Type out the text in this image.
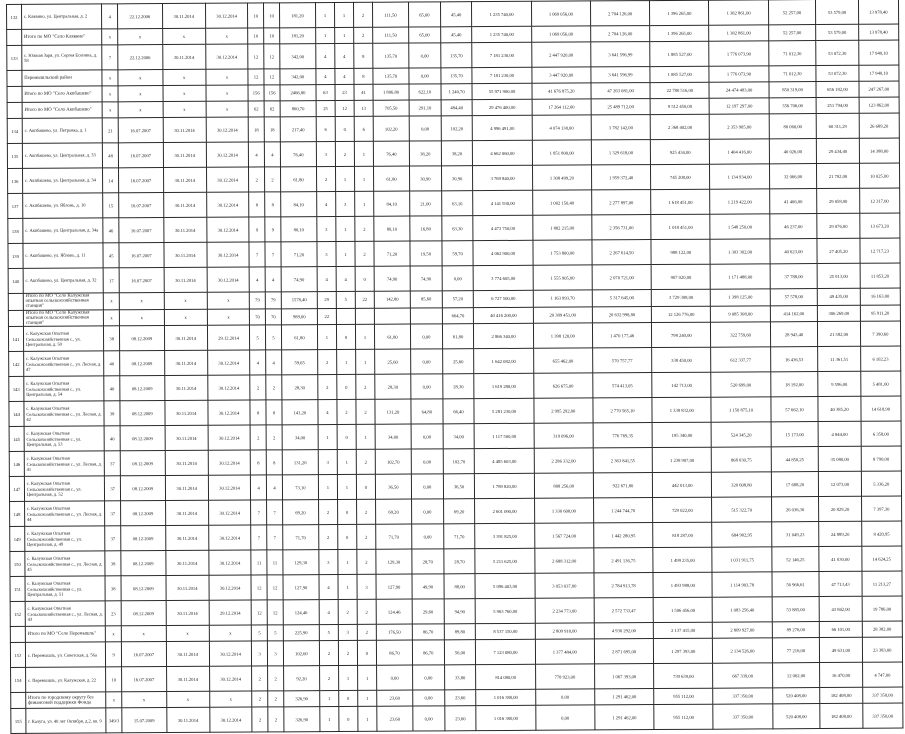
132	с. Клявино, ул. Центральная, д. 2	4	22.12.2006	30.11.2014	30.12.2014	10	10	181,20	1	1	2	111,50	65,00	45,40	1 235 740,00	1 069 056,00	2 704 126,00	1 396 265,00	1 382 861,00	52 257,00	53 579,00	13 978,40
	Итого по МО "Село Клявино"	х	х	х	х	10	10	181,20	1	1	2	111,50	65,00	45,40	1 235 740,00	1 069 056,00	2 704 126,00	1 396 265,00	1 382 861,00	52 257,00	53 579,00	13 978,40
133	с. Южная Заря, ул. Сергея Есенина, д. 58	7	22.12.2006	30.11.2014	30.12.2014	12	12	342,00	4	4	8	135,70	0,00	135,70	7 181 230,00	2 447 920,00	3 641 596,99	1 885 527,00	1 776 073,90	71 012,30	53 072,30	17 940,10
	Перемышльский район	х	х	х	х	12	12	342,00	4	4	8	135,70	0,00	135,70	7 181 230,00	3 447 920,00	3 641 596,99	1 885 527,00	1 776 073,90	71 012,30	53 072,30	17 940,10
	Итого по МО "Село Акпбашево"	х	х	х	х	156	156	2466,80	63	23	41	1 806,80	622,10	1 240,70	55 971 900,00	41 676 875,20	47 263 081,00	22 780 516,00	24 474 483,00	850 319,00	656 182,00	247 267,00
	Итого по МО "Село Акпбашево"	х	х	х	х	62	62	860,70	25	12	13	705,50	291,10	484,40	29 476 400,00	17 264 112,00	25 489 712,00	9 512 450,00	12 197 297,00	356 706,00	251 794,00	123 862,00
134	с. Акпбашево, ул. Петровка, д. 1	21	16.07.2007	30.11.2014	30.12.2014	18	18	217,40	6	0	6	102,20	0,00	102,20	4 996 491,00	4 074 138,00	3 782 142,00	2 368 402,00	2 353 905,00	80 060,00	60 311,29	26 689,20
135	с. Акпбашево, ул. Центральная, д. 33	48	16.07.2007	30.11.2014	30.12.2014	4	4	76,40	3	2	1	76,40	38,20	38,20	4 662 060,00	1 851 800,00	1 329 618,00	925 434,00	1 404 416,00	40 026,00	29 434,40	14 388,00
136	с. Акпбашево, ул. Центральная, д. 34	14	16.07.2007	30.11.2014	30.12.2014	2	2	61,80	2	1	1	61,80	30,90	30,90	3 769 840,00	1 308 499,20	1 959 372,40	745 208,00	1 134 934,00	32 066,00	21 702,00	10 025,00
137	с. Акпбашево, ул. Яблонь, д. 10	15	16.07.2007	30.11.2014	30.12.2014	8	8	84,10	4	3	1	84,10	21,00	63,10	4 141 930,00	1 002 150,40	2 277 897,00	1 618 451,00	1 219 422,00	41 406,00	29 058,00	12 317,00
138	с. Акпбашево, ул. Центральная, д. 34а	46	16.07.2007	30.11.2014	30.12.2014	9	9	80,10	3	1	2	80,10	16,80	63,30	4 473 750,00	1 882 215,00	2 356 731,00	1 018 451,00	1 548 250,00	46 237,00	29 076,00	13 673,20
139	с. Акпбашево, ул. Яблонь, д. 11	45	16.07.2007	30.11.2014	30.12.2014	7	7	71,20	3	1	2	71,20	19,50	59,70	4 062 900,00	1 753 800,00	2 267 614,50	988 122,00	1 303 302,00	40 623,00	27 405,20	12 717,23
140	с. Акпбашево, ул. Центральная, д. 32	17	16.07.2007	30.11.2014	30.12.2014	4	4	74,90	4	4	0	74,90	74,90	0,00	3 774 605,00	1 555 905,00	2 070 721,00	907 020,00	1 171 488,00	37 788,00	25 913,00	11 853,20
	Итого по МО "Село Калужская опытная сельскохозяйственная станция"	х	х	х	х	79	79	1578,40	29	5	22	142,80	85,60	57,20	6 727 500,00	1 163 993,70	5 317 645,00	3 729 308,00	1 398 125,00	57 578,00	49 435,00	16 163,00
	Итого по МО "Село Калужская опытная сельскохозяйственная станция"	х	х	х	х	70	70	989,00	22					664,70	40 416 200,00	20 389 451,00	20 632 998,80	12 126 776,00	9 085 308,00	414 162,00	306 269,00	95 911,20
141	с. Калужская Опытная Сельскохозяйственная с., ул. Центральная, д. 50	38	08.12.2009	30.11.2014	29.12.2014	5	5	61,80	1	0	1	61,80	0,00	61,80	2 866 340,00	1 398 120,00	1 470 177,46	798 240,00	322 759,60	28 943,40	21 582,00	7 390,60
142	с. Калужская Опытная Сельскохозяйственная с., ул. Лесная, д. 47	40	08.12.2009	30.11.2014	30.12.2014	4	4	59,65	2	1	1	25,60	0,00	25,60	1 642 082,00	655 462,00	570 757,77	338 450,00	612 337,77	16 436,53	11 361,51	6 102,23
143	с. Калужская Опытная Сельскохозяйственная с., ул. Центральная, д. 54	40	08.12.2009	30.11.2014	30.12.2014	2	2	28,30	2	0	2	28,30	0,00	28,30	1 619 280,00	626 675,00	574 413,05	142 713,00	520 699,00	18 192,00	9 596,00	5 481,00
144	с. Калужская Опытная Сельскохозяйственная с., ул. Лесная, д. 42	38	08.12.2009	30.11.2014	30.12.2014	8	8	141,20	4	2	2	131,20	64,80	66,40	5 281 230,00	2 995 292,00	2 770 565,10	1 338 832,00	1 150 875,10	57 662,10	40 385,20	14 618,90
145	с. Калужская Опытная Сельскохозяйственная с., ул. Центральная, д. 53	40	08.12.2009	30.11.2014	30.12.2014	2	2	34,00	1	0	1	34,00	0,00	34,00	1 117 500,00	319 096,00	776 769,35	195 340,00	524 345,20	15 173,00	4 844,00	6 358,00
146	с. Калужская Опытная Сельскохозяйственная с., ул. Лесная, д. 41	37	08.12.2009	30.11.2014	30.12.2014	8	8	131,20	3	1	2	102,70	0,00	102,70	4 485 603,00	2 286 332,00	2 363 841,55	1 238 907,00	868 030,75	44 850,25	35 080,00	8 790,00
147	с. Калужская Опытная Сельскохозяйственная с., ул. Центральная, д. 52	37	08.12.2009	30.11.2014	30.12.2014	4	4	73,10	1	1	0	36,50	0,00	36,50	1 789 820,00	808 256,00	922 671,80	442 013,00	320 608,80	17 688,20	12 073,00	5 336,20
148	с. Калужская Опытная Сельскохозяйственная с., ул. Лесная, д. 44	37	08.12.2009	30.11.2014	30.12.2014	7	7	69,20	2	0	2	69,20	0,00	69,20	2 601 090,00	1 330 608,00	1 244 744,70	729 022,00	515 322,70	26 036,30	20 829,20	7 397,30
149	с. Калужская Опытная Сельскохозяйственная с., ул. Центральная, д. 49	37	08.12.2009	30.11.2014	30.12.2014	7	7	71,70	2	0	2	71,70	0,00	71,70	3 391 825,00	1 567 724,00	1 442 280,95	818 287,00	684 902,95	31 049,23	24 889,20	8 420,95
150	с. Калужская Опытная Сельскохозяйственная с., ул. Лесная, д. 45	38	08.12.2009	30.11.2014	30.12.2014	11	11	129,30	3	1	2	129,30	28,70	28,70	5 211 625,00	2 688 312,00	2 491 136,75	1 499 235,00	1 031 911,75	52 146,25	41 030,00	14 624,25
151	с. Калужская Опытная Сельскохозяйственная с., ул. Центральная, д. 51	38	08.12.2009	30.11.2014	30.12.2014	12	12	127,90	4	1	3	127,90	49,90	88,00	5 096 403,00	3 053 037,00	2 784 913,78	1 493 988,00	1 114 903,78	56 966,61	47 713,43	11 213,27
152	с. Калужская Опытная Сельскохозяйственная с., ул. Лесная, д. 43	23	08.12.2009	30.11.2014	29.12.2014	12	12	124,46	4	2	2	124,46	29,60	94,90	5 963 760,00	2 234 773,00	2 572 733,47	1 506 456,00	1 083 256,40	53 885,00	43 842,00	19 786,00
	Итого по МО "Село Перемышль"	х	х	х	х	5	5	225,90	5	3	2	176,50	86,70	89,80	8 537 150,00	2 809 918,00	4 930 292,00	2 137 415,00	2 809 927,00	89 276,00	66 101,00	28 382,00
153	с. Перемышль, ул. Советская, д. 56а	9	16.07.2007	30.11.2014	30.12.2014	3	3	102,60	2	2	0	86,70	86,70	56,00	7 123 080,00	1 377 484,00	2 871 695,00	1 297 393,00	2 134 526,00	77 216,00	49 631,00	23 383,00
154	с. Перемышль, ул. Калужская, д. 22	10	16.07.2007	30.11.2014	30.12.2014	2	2	92,20	2	1	1	0,00	0,00	33,80	814 080,00	778 923,00	1 067 393,00	739 639,00	667 339,00	12 062,00	16 470,00	4 747,00
	Итого по городскому округу без финансовой поддержки Фонда	х	х	х	х	2	2	326,90	1	0	1	23,60	0,00	23,60	1 016 380,00	0,00	1 291 462,00	955 112,00	337 350,00	520 408,00	182 408,00	337 350,00
155	г. Калуга, ул. 40 лет Октября, д.2, кв. 9	349/3	15.07.2009	30.11.2014	30.12.2014	2	2	326,90	1	0	1	23,60	0,00	23,60	1 016 380,00	0,00	1 291 462,00	955 112,00	337 350,00	520 408,00	182 408,00	337 350,00
